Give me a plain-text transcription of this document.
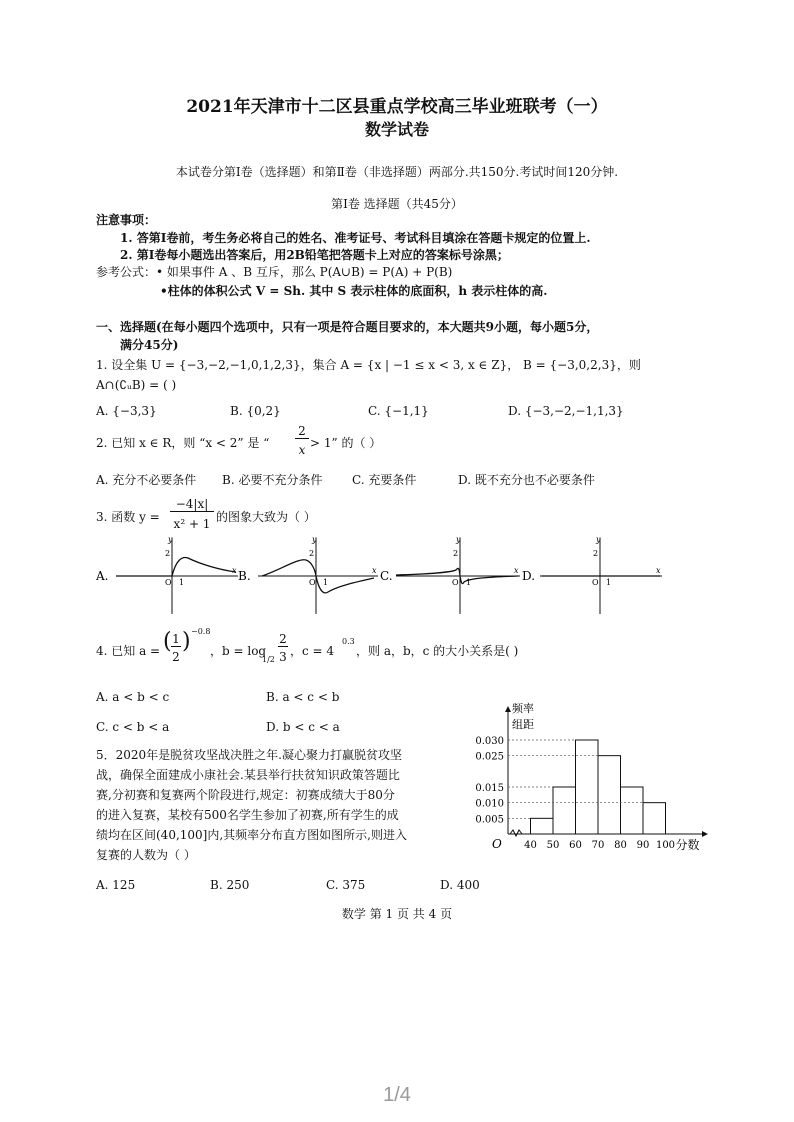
2021年天津市十二区县重点学校高三毕业班联考（一）
数学试卷
本试卷分第Ⅰ卷（选择题）和第Ⅱ卷（非选择题）两部分.共150分.考试时间120分钟.
第Ⅰ卷 选择题（共45分）
注意事项：
1. 答第Ⅰ卷前，考生务必将自己的姓名、准考证号、考试科目填涂在答题卡规定的位置上.
2. 第Ⅰ卷每小题选出答案后，用2B铅笔把答题卡上对应的答案标号涂黑；
参考公式： • 如果事件 A 、B 互斥，那么 P(A∪B) = P(A) + P(B)
•柱体的体积公式 V = Sh. 其中 S 表示柱体的底面积，h 表示柱体的高.
一、选择题(在每小题四个选项中，只有一项是符合题目要求的，本大题共9小题，每小题5分，
满分45分)
1. 设全集 U = {−3,−2,−1,0,1,2,3}，集合 A = {x | −1 ≤ x < 3, x ∈ Z}， B = {−3,0,2,3}，则
A∩(∁ᵤB) = ( )
A. {−3,3}	B. {0,2}	C. {−1,1}	D. {−3,−2,−1,1,3}
2. 已知 x ∈ R，则 “x < 2” 是 “
2
x > 1” 的（ ）
A. 充分不必要条件 B. 必要不充分条件 C. 充要条件	D. 既不充分也不必要条件
3. 函数 y =
−4|x|
x² + 1 的图象大致为（ ）
A.
2
1
O
y
x B.
2
1
O
y
x C.
2
1
O
y
x D.
2
1
O
y
x
4. 已知 a = ( 1
2
) −0.8
，b = log
1/2
2
3 ，c = 4
0.3
，则 a，b，c 的大小关系是( )
A. a < b < c	B. a < c < b
C. c < b < a	D. b < c < a
5．2020年是脱贫攻坚战决胜之年.凝心聚力打赢脱贫攻坚
战，确保全面建成小康社会.某县举行扶贫知识政策答题比
赛,分初赛和复赛两个阶段进行,规定：初赛成绩大于80分
的进入复赛，某校有500名学生参加了初赛,所有学生的成
绩均在区间(40,100]内,其频率分布直方图如图所示,则进入
复赛的人数为（ ）
A. 125	B. 250	C. 375	D. 400
0.030
0.025
0.015
0.010
0.005
40 50 60 70 80 90 100
频率
组距
分数
O
数学 第 1 页 共 4 页
1/4
